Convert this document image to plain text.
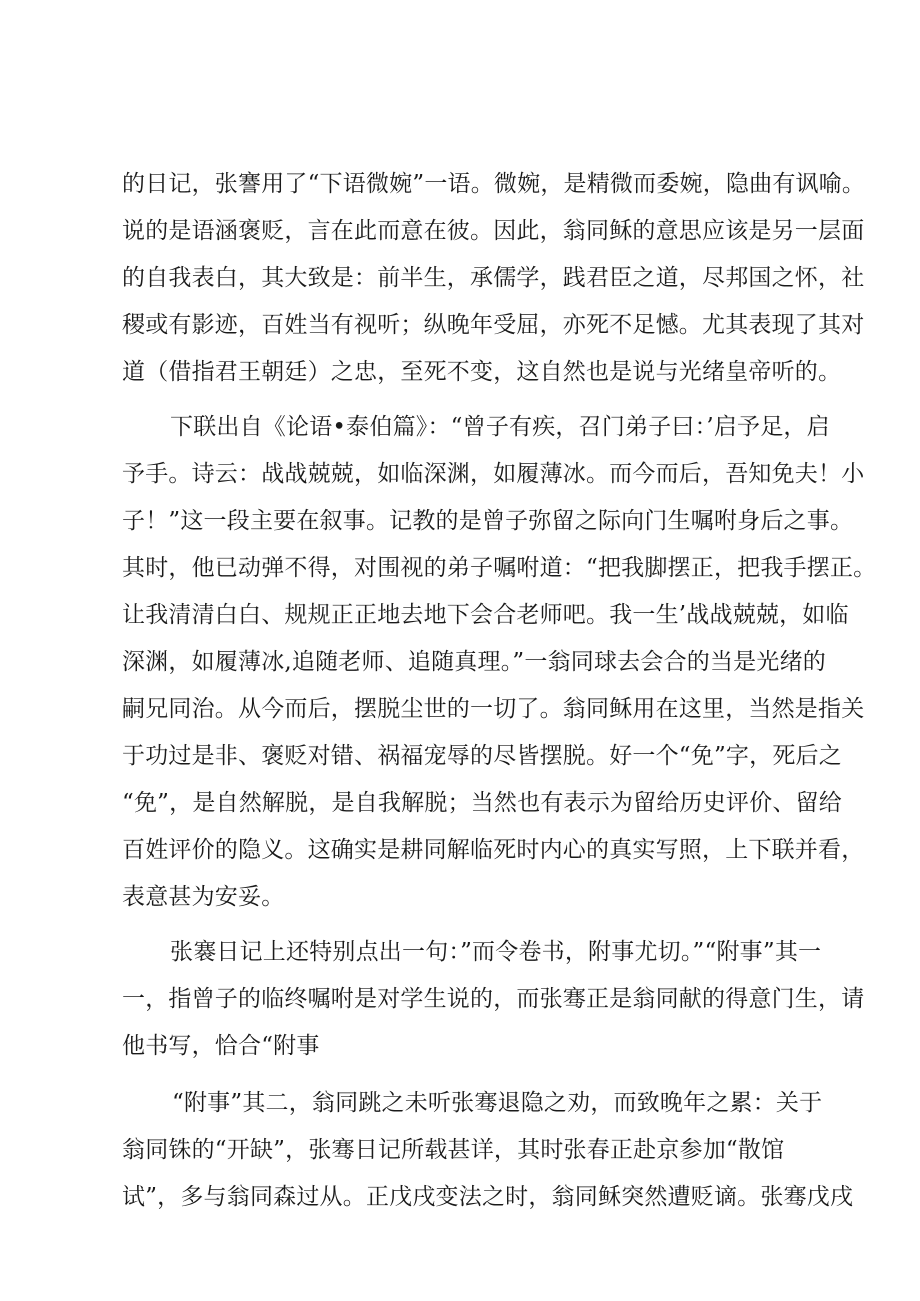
的日记，张謇用了“下语微婉”一语。微婉，是精微而委婉，隐曲有讽喻。
说的是语涵褒贬，言在此而意在彼。因此，翁同稣的意思应该是另一层面
的自我表白，其大致是：前半生，承儒学，践君臣之道，尽邦国之怀，社
稷或有影迹，百姓当有视听；纵晚年受屈，亦死不足憾。尤其表现了其对
道（借指君王朝廷）之忠，至死不变，这自然也是说与光绪皇帝听的。
下联出自《论语•泰伯篇》：“曾子有疾，召门弟子曰：’启予足，启
予手。诗云：战战兢兢，如临深渊，如履薄冰。而今而后，吾知免夫！小
子！”这一段主要在叙事。记教的是曾子弥留之际向门生嘱咐身后之事。
其时，他已动弹不得，对围视的弟子嘱咐道：“把我脚摆正，把我手摆正。
让我清清白白、规规正正地去地下会合老师吧。我一生’战战兢兢，如临
深渊，如履薄冰,追随老师、追随真理。”一翁同球去会合的当是光绪的
嗣兄同治。从今而后，摆脱尘世的一切了。翁同稣用在这里，当然是指关
于功过是非、褒贬对错、祸福宠辱的尽皆摆脱。好一个“免”字，死后之
“免”，是自然解脱，是自我解脱；当然也有表示为留给历史评价、留给
百姓评价的隐义。这确实是耕同解临死时内心的真实写照，上下联并看，
表意甚为安妥。
张褰日记上还特别点出一句：”而令卷书，附事尤切。”“附事”其一
一，指曾子的临终嘱咐是对学生说的，而张骞正是翁同献的得意门生，请
他书写，恰合“附事
“附事”其二，翁同跳之未听张骞退隐之劝，而致晚年之累：关于
翁同铢的“开缺”，张骞日记所载甚详，其时张春正赴京参加“散馆
试”，多与翁同森过从。正戊戌变法之时，翁同稣突然遭贬谪。张骞戊戌
